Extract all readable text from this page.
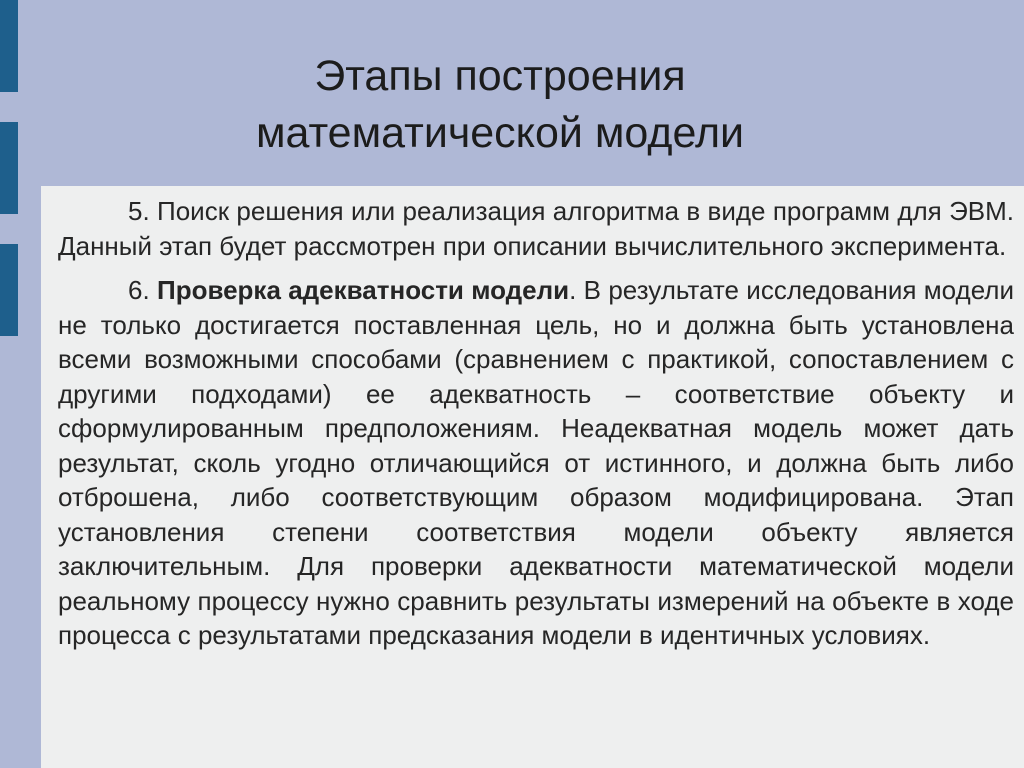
Этапы построения
математической модели

5. Поиск решения или реализация алгоритма в виде программ для ЭВМ. Данный этап будет рассмотрен при описании вычислительного эксперимента.

6. Проверка адекватности модели. В результате исследования модели не только достигается поставленная цель, но и должна быть установлена всеми возможными способами (сравнением с практикой, сопоставлением с другими подходами) ее адекватность – соответствие объекту и сформулированным предположениям. Неадекватная модель может дать результат, сколь угодно отличающийся от истинного, и должна быть либо отброшена, либо соответствующим образом модифицирована. Этап установления степени соответствия модели объекту является заключительным. Для проверки адекватности математической модели реальному процессу нужно сравнить результаты измерений на объекте в ходе процесса с результатами предсказания модели в идентичных условиях.
